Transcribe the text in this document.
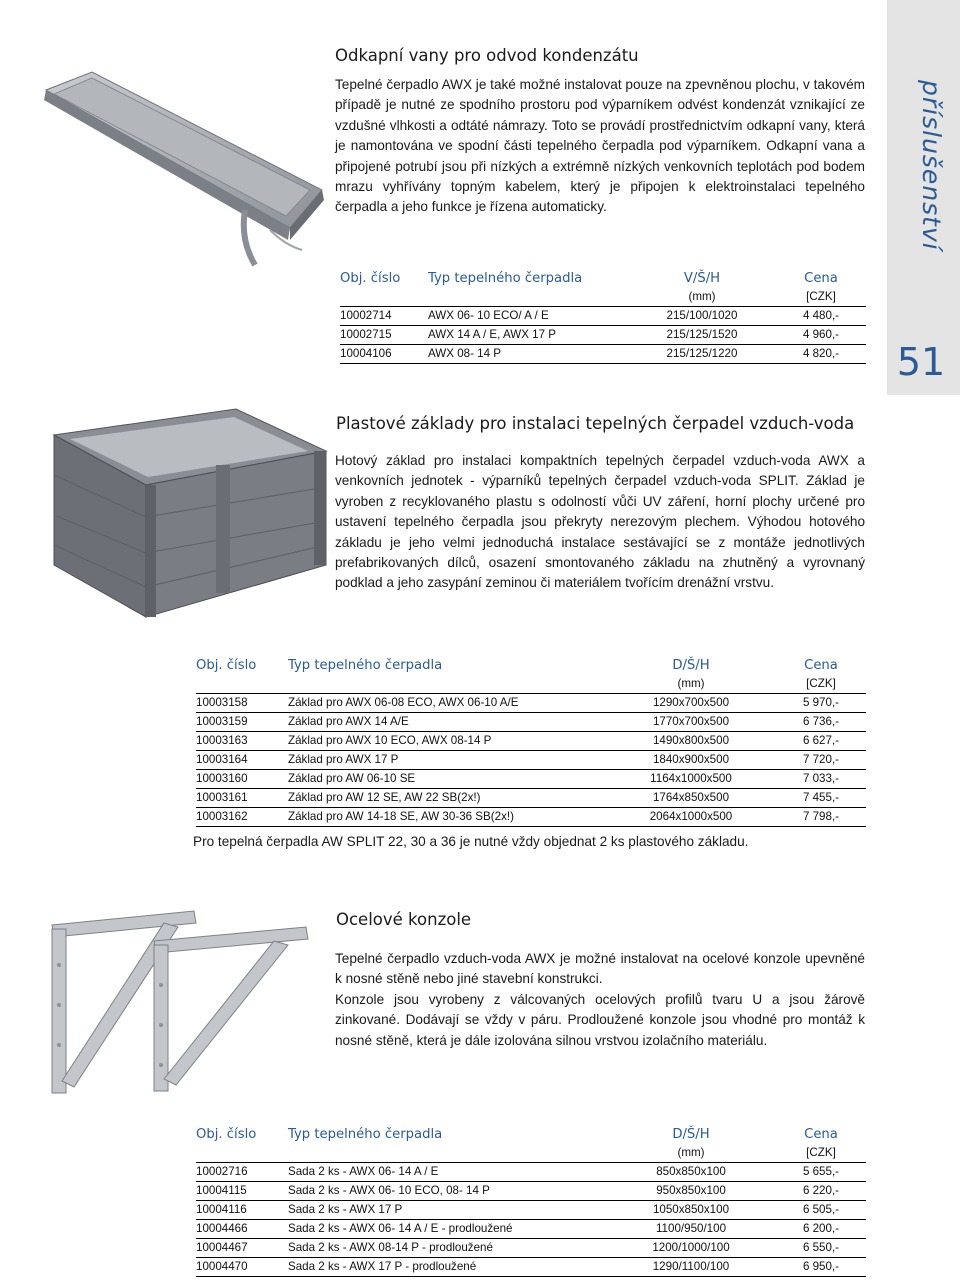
příslušenství
51
Odkapní vany pro odvod kondenzátu
Tepelné čerpadlo AWX je také možné instalovat pouze na zpevněnou plochu, v takovém případě je nutné ze spodního prostoru pod výparníkem odvést kondenzát vznikající ze vzdušné vlhkosti a odtáté námrazy. Toto se provádí prostřednictvím odkapní vany, která je namontována ve spodní části tepelného čerpadla pod výparníkem. Odkapní vana a připojené potrubí jsou při nízkých a extrémně nízkých venkovních teplotách pod bodem mrazu vyhřívány topným kabelem, který je připojen k elektroinstalaci tepelného čerpadla a jeho funkce je řízena automaticky.
Obj. číslo	Typ tepelného čerpadla	V/Š/H	Cena
		(mm)	[CZK]
10002714	AWX 06- 10 ECO/ A / E	215/100/1020	4 480,-
10002715	AWX 14 A / E, AWX 17 P	215/125/1520	4 960,-
10004106	AWX 08- 14 P	215/125/1220	4 820,-
Plastové základy pro instalaci tepelných čerpadel vzduch-voda
Hotový základ pro instalaci kompaktních tepelných čerpadel vzduch-voda AWX a venkovních jednotek - výparníků tepelných čerpadel vzduch-voda SPLIT. Základ je vyroben z recyklovaného plastu s odolností vůči UV záření, horní plochy určené pro ustavení tepelného čerpadla jsou překryty nerezovým plechem. Výhodou hotového základu je jeho velmi jednoduchá instalace sestávající se z montáže jednotlivých prefabrikovaných dílců, osazení smontovaného základu na zhutněný a vyrovnaný podklad a jeho zasypání zeminou či materiálem tvořícím drenážní vrstvu.
Obj. číslo	Typ tepelného čerpadla	D/Š/H	Cena
		(mm)	[CZK]
10003158	Základ pro AWX 06-08 ECO, AWX 06-10 A/E	1290x700x500	5 970,-
10003159	Základ pro AWX 14 A/E	1770x700x500	6 736,-
10003163	Základ pro AWX 10 ECO, AWX 08-14 P	1490x800x500	6 627,-
10003164	Základ pro AWX 17 P	1840x900x500	7 720,-
10003160	Základ pro AW 06-10 SE	1164x1000x500	7 033,-
10003161	Základ pro AW 12 SE, AW 22 SB(2x!)	1764x850x500	7 455,-
10003162	Základ pro AW 14-18 SE, AW 30-36 SB(2x!)	2064x1000x500	7 798,-
Pro tepelná čerpadla AW SPLIT 22, 30 a 36 je nutné vždy objednat 2 ks plastového základu.
Ocelové konzole
Tepelné čerpadlo vzduch-voda AWX je možné instalovat na ocelové konzole upevněné k nosné stěně nebo jiné stavební konstrukci.
Konzole jsou vyrobeny z válcovaných ocelových profilů tvaru U a jsou žárově zinkované. Dodávají se vždy v páru. Prodloužené konzole jsou vhodné pro montáž k nosné stěně, která je dále izolována silnou vrstvou izolačního materiálu.
Obj. číslo	Typ tepelného čerpadla	D/Š/H	Cena
		(mm)	[CZK]
10002716	Sada 2 ks - AWX 06- 14 A / E	850x850x100	5 655,-
10004115	Sada 2 ks - AWX 06- 10 ECO, 08- 14 P	950x850x100	6 220,-
10004116	Sada 2 ks - AWX 17 P	1050x850x100	6 505,-
10004466	Sada 2 ks - AWX 06- 14 A / E - prodloužené	1100/950/100	6 200,-
10004467	Sada 2 ks - AWX 08-14 P - prodloužené	1200/1000/100	6 550,-
10004470	Sada 2 ks - AWX 17 P - prodloužené	1290/1100/100	6 950,-
